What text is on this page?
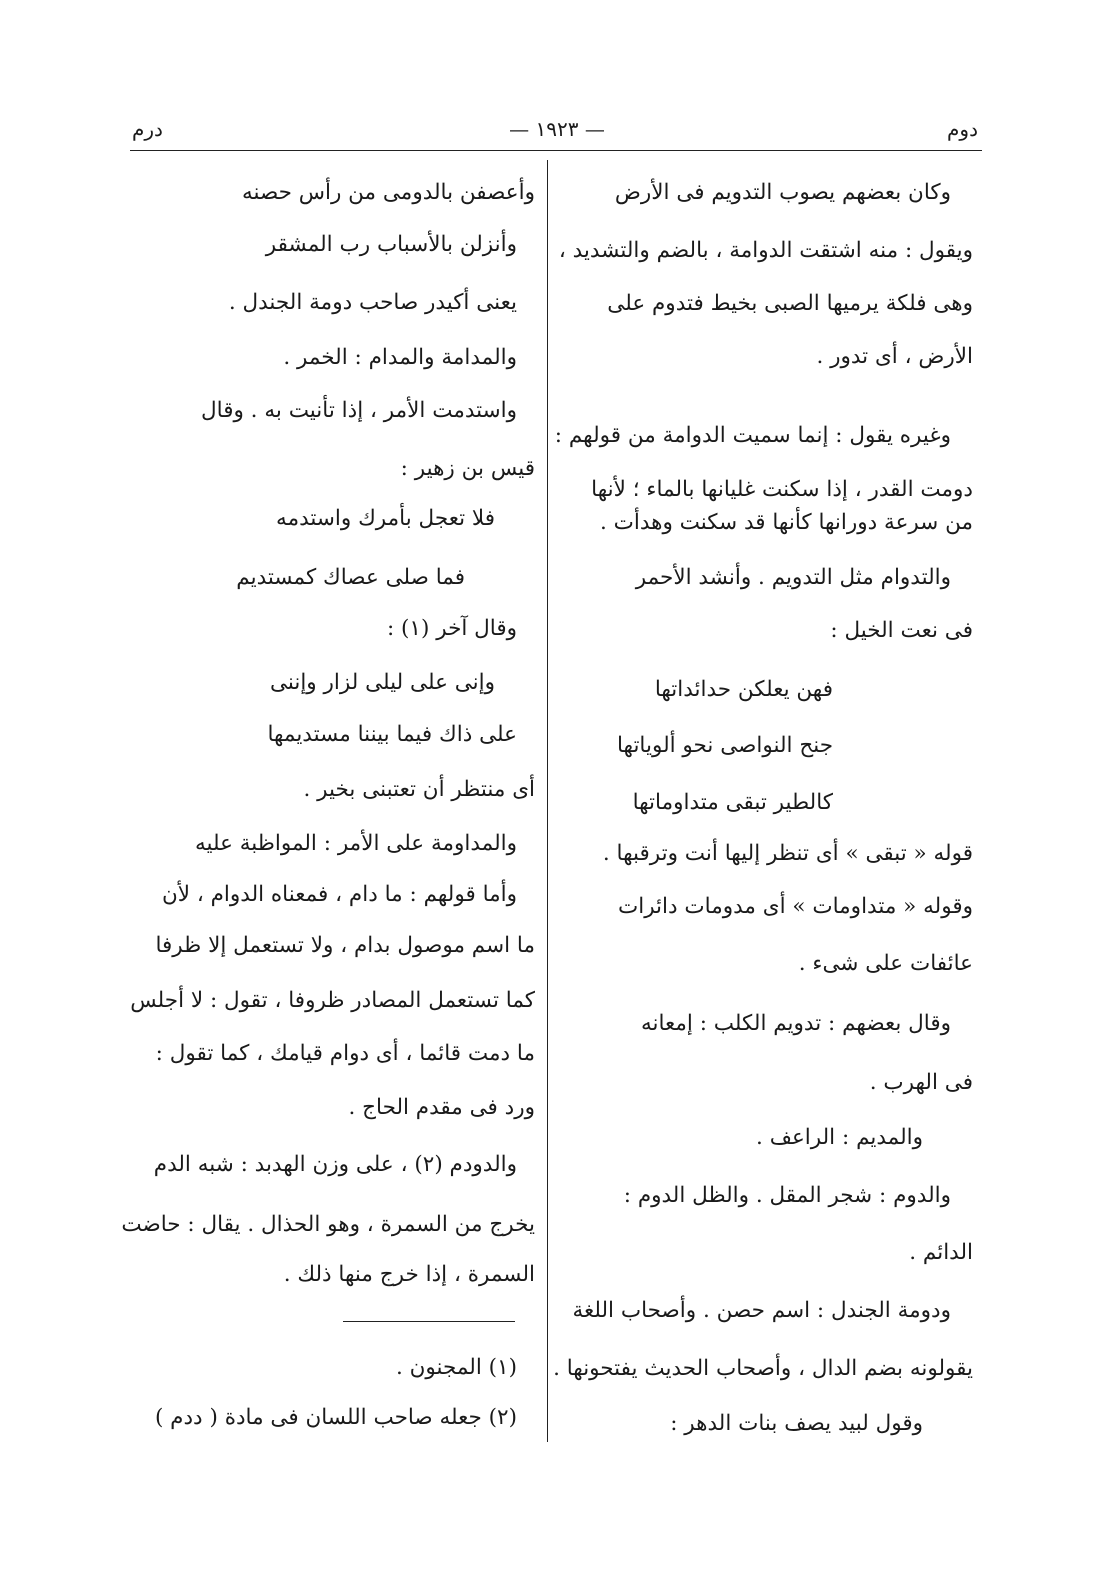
دوم
— ١٩٢٣ —
درم
وكان بعضهم يصوب التدويم فى الأرض
ويقول : منه اشتقت الدوامة ، بالضم والتشديد ،
وهى فلكة يرميها الصبى بخيط فتدوم على
الأرض ، أى تدور .
وغيره يقول : إنما سميت الدوامة من قولهم :
دومت القدر ، إذا سكنت غليانها بالماء ؛ لأنها
من سرعة دورانها كأنها قد سكنت وهدأت .
والتدوام مثل التدويم . وأنشد الأحمر
فى نعت الخيل :
فهن يعلكن حدائداتها
جنح النواصى نحو ألوياتها
كالطير تبقى متداوماتها
قوله « تبقى » أى تنظر إليها أنت وترقبها .
وقوله « متداومات » أى مدومات دائرات
عائفات على شىء .
وقال بعضهم : تدويم الكلب : إمعانه
فى الهرب .
والمديم : الراعف .
والدوم : شجر المقل . والظل الدوم :
الدائم .
ودومة الجندل : اسم حصن . وأصحاب اللغة
يقولونه بضم الدال ، وأصحاب الحديث يفتحونها .
وقول لبيد يصف بنات الدهر :
وأعصفن بالدومى من رأس حصنه
وأنزلن بالأسباب رب المشقر
يعنى أكيدر صاحب دومة الجندل .
والمدامة والمدام : الخمر .
واستدمت الأمر ، إذا تأنيت به . وقال
قيس بن زهير :
فلا تعجل بأمرك واستدمه
فما صلى عصاك كمستديم
وقال آخر (١) :
وإنى على ليلى لزار وإننى
على ذاك فيما بيننا مستديمها
أى منتظر أن تعتبنى بخير .
والمداومة على الأمر : المواظبة عليه
وأما قولهم : ما دام ، فمعناه الدوام ، لأن
ما اسم موصول بدام ، ولا تستعمل إلا ظرفا
كما تستعمل المصادر ظروفا ، تقول : لا أجلس
ما دمت قائما ، أى دوام قيامك ، كما تقول :
ورد فى مقدم الحاج .
والدودم (٢) ، على وزن الهدبد : شبه الدم
يخرج من السمرة ، وهو الحذال . يقال : حاضت
السمرة ، إذا خرج منها ذلك .
(١) المجنون .
(٢) جعله صاحب اللسان فى مادة ( ددم )
